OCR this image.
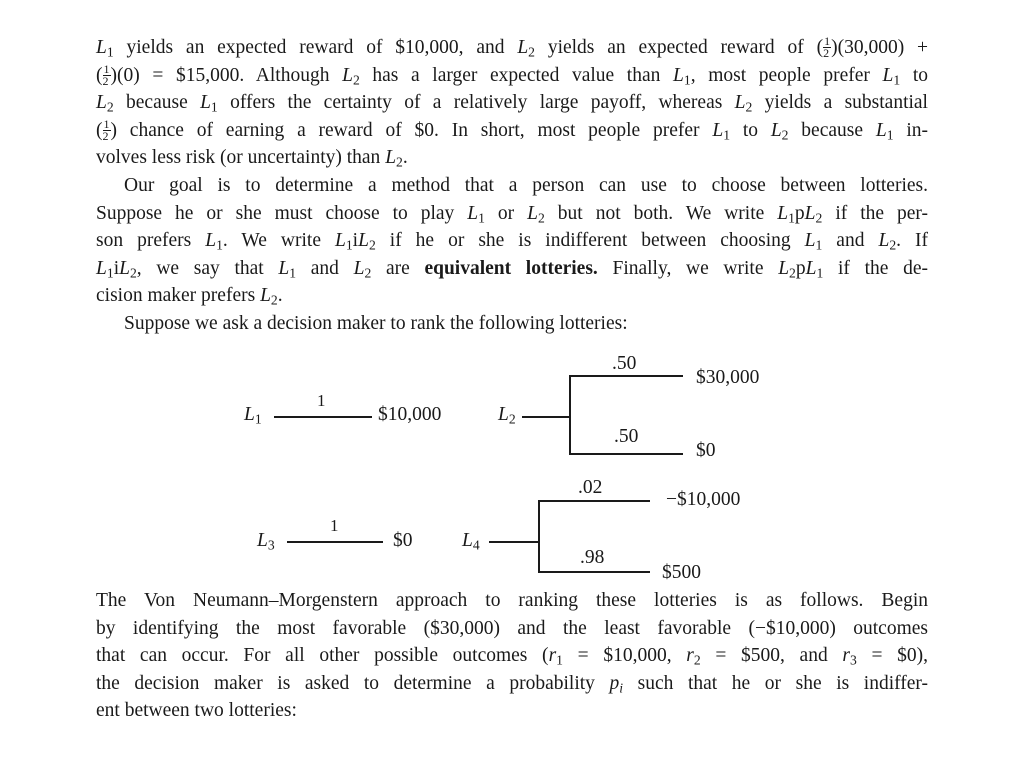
$L_1$ yields an expected reward of $10,000, and $L_2$ yields an expected reward of ( $\frac{1}{2} )(30,000)$ +
( $\frac{1}{2} )(0)$ = $15,000. Although $L_2$ has a larger expected value than $L_1$, most people prefer $L_1$ to
$L_2$ because $L_1$ offers the certainty of a relatively large payoff, whereas $L_2$ yields a substantial
( $\frac{1}{2}$ ) chance of earning a reward of $0. In short, most people prefer $L_1$ to $L_2$ because $L_1$ in-
volves less risk (or uncertainty) than $L_2$.
Our goal is to determine a method that a person can use to choose between lotteries.
Suppose he or she must choose to play $L_1$ or $L_2$ but not both. We write $L_1pL_2$ if the per-
son prefers $L_1$. We write $L_1iL_2$ if he or she is indifferent between choosing $L_1$ and $L_2$. If
$L_1iL_2$, we say that $L_1$ and $L_2$ are equivalent lotteries. Finally, we write $L_2pL_1$ if the de-
cision maker prefers $L_2$.
Suppose we ask a decision maker to rank the following lotteries:
$L_1$
1
$10,000	$L_2$
.50
$30,000
.50
$0
$L_3$
1
$0	$L_4$
.02
−$10,000
.98
$500
The Von Neumann–Morgenstern approach to ranking these lotteries is as follows. Begin
by identifying the most favorable ($30,000) and the least favorable (−$10,000) outcomes
that can occur. For all other possible outcomes ($r_1$ = $10,000, $r_2$ = $500, and $r_3$ = $0),
the decision maker is asked to determine a probability $p_i$ such that he or she is indiffer-
ent between two lotteries:
